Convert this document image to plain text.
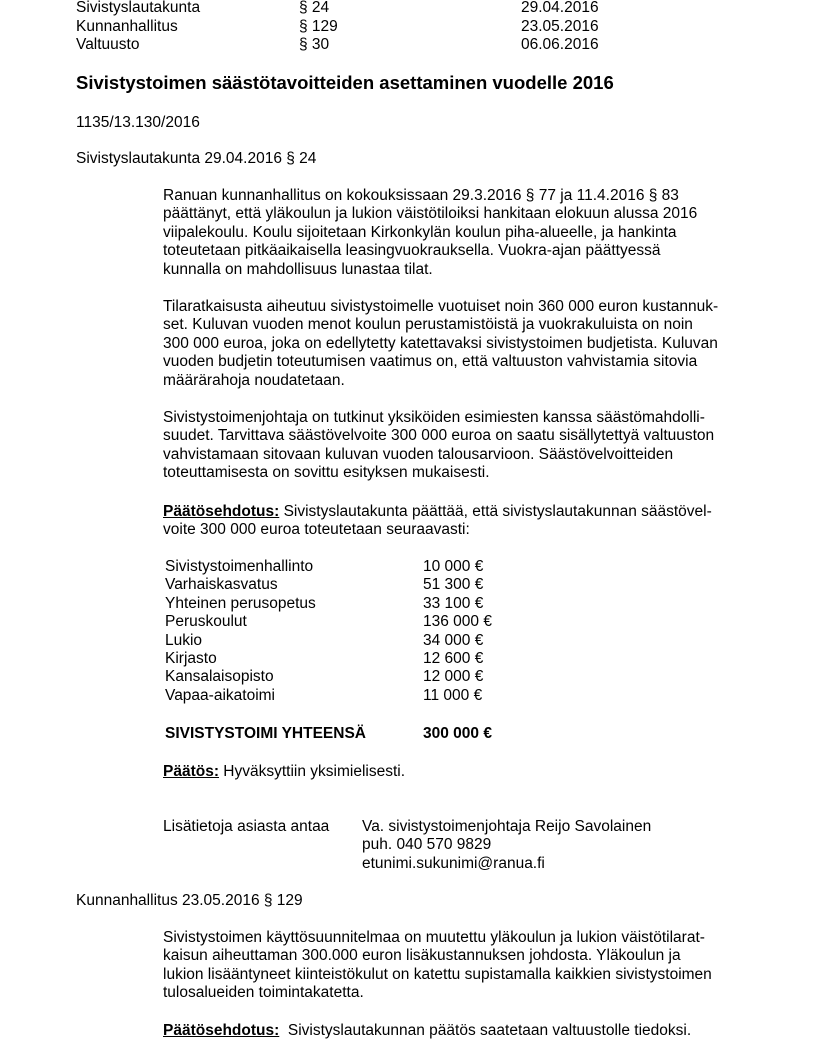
Sivistyslautakunta	§ 24	29.04.2016
Kunnanhallitus	§ 129	23.05.2016
Valtuusto	§ 30	06.06.2016
Sivistystoimen säästötavoitteiden asettaminen vuodelle 2016
1135/13.130/2016
Sivistyslautakunta 29.04.2016 § 24
Ranuan kunnanhallitus on kokouksissaan 29.3.2016 § 77 ja 11.4.2016 § 83
päättänyt, että yläkoulun ja lukion väistötiloiksi hankitaan elokuun alussa 2016
viipalekoulu. Koulu sijoitetaan Kirkonkylän koulun piha-alueelle, ja hankinta
toteutetaan pitkäaikaisella leasingvuokrauksella. Vuokra-ajan päättyessä
kunnalla on mahdollisuus lunastaa tilat.
Tilaratkaisusta aiheutuu sivistystoimelle vuotuiset noin 360 000 euron kustannuk-
set. Kuluvan vuoden menot koulun perustamistöistä ja vuokrakuluista on noin
300 000 euroa, joka on edellytetty katettavaksi sivistystoimen budjetista. Kuluvan
vuoden budjetin toteutumisen vaatimus on, että valtuuston vahvistamia sitovia
määrärahoja noudatetaan.
Sivistystoimenjohtaja on tutkinut yksiköiden esimiesten kanssa säästömahdolli-
suudet. Tarvittava säästövelvoite 300 000 euroa on saatu sisällytettyä valtuuston
vahvistamaan sitovaan kuluvan vuoden talousarvioon. Säästövelvoitteiden
toteuttamisesta on sovittu esityksen mukaisesti.
Päätösehdotus: Sivistyslautakunta päättää, että sivistyslautakunnan säästövel-
voite 300 000 euroa toteutetaan seuraavasti:
Sivistystoimenhallinto	10 000 €
Varhaiskasvatus	51 300 €
Yhteinen perusopetus	33 100 €
Peruskoulut	136 000 €
Lukio	34 000 €
Kirjasto	12 600 €
Kansalaisopisto	12 000 €
Vapaa-aikatoimi	11 000 €
SIVISTYSTOIMI YHTEENSÄ	300 000 €
Päätös: Hyväksyttiin yksimielisesti.
Lisätietoja asiasta antaa Va. sivistystoimenjohtaja Reijo Savolainen
puh. 040 570 9829
etunimi.sukunimi@ranua.fi
Kunnanhallitus 23.05.2016 § 129
Sivistystoimen käyttösuunnitelmaa on muutettu yläkoulun ja lukion väistötilarat-
kaisun aiheuttaman 300.000 euron lisäkustannuksen johdosta. Yläkoulun ja
lukion lisääntyneet kiinteistökulut on katettu supistamalla kaikkien sivistystoimen
tulosalueiden toimintakatetta.
Päätösehdotus:  Sivistyslautakunnan päätös saatetaan valtuustolle tiedoksi.
